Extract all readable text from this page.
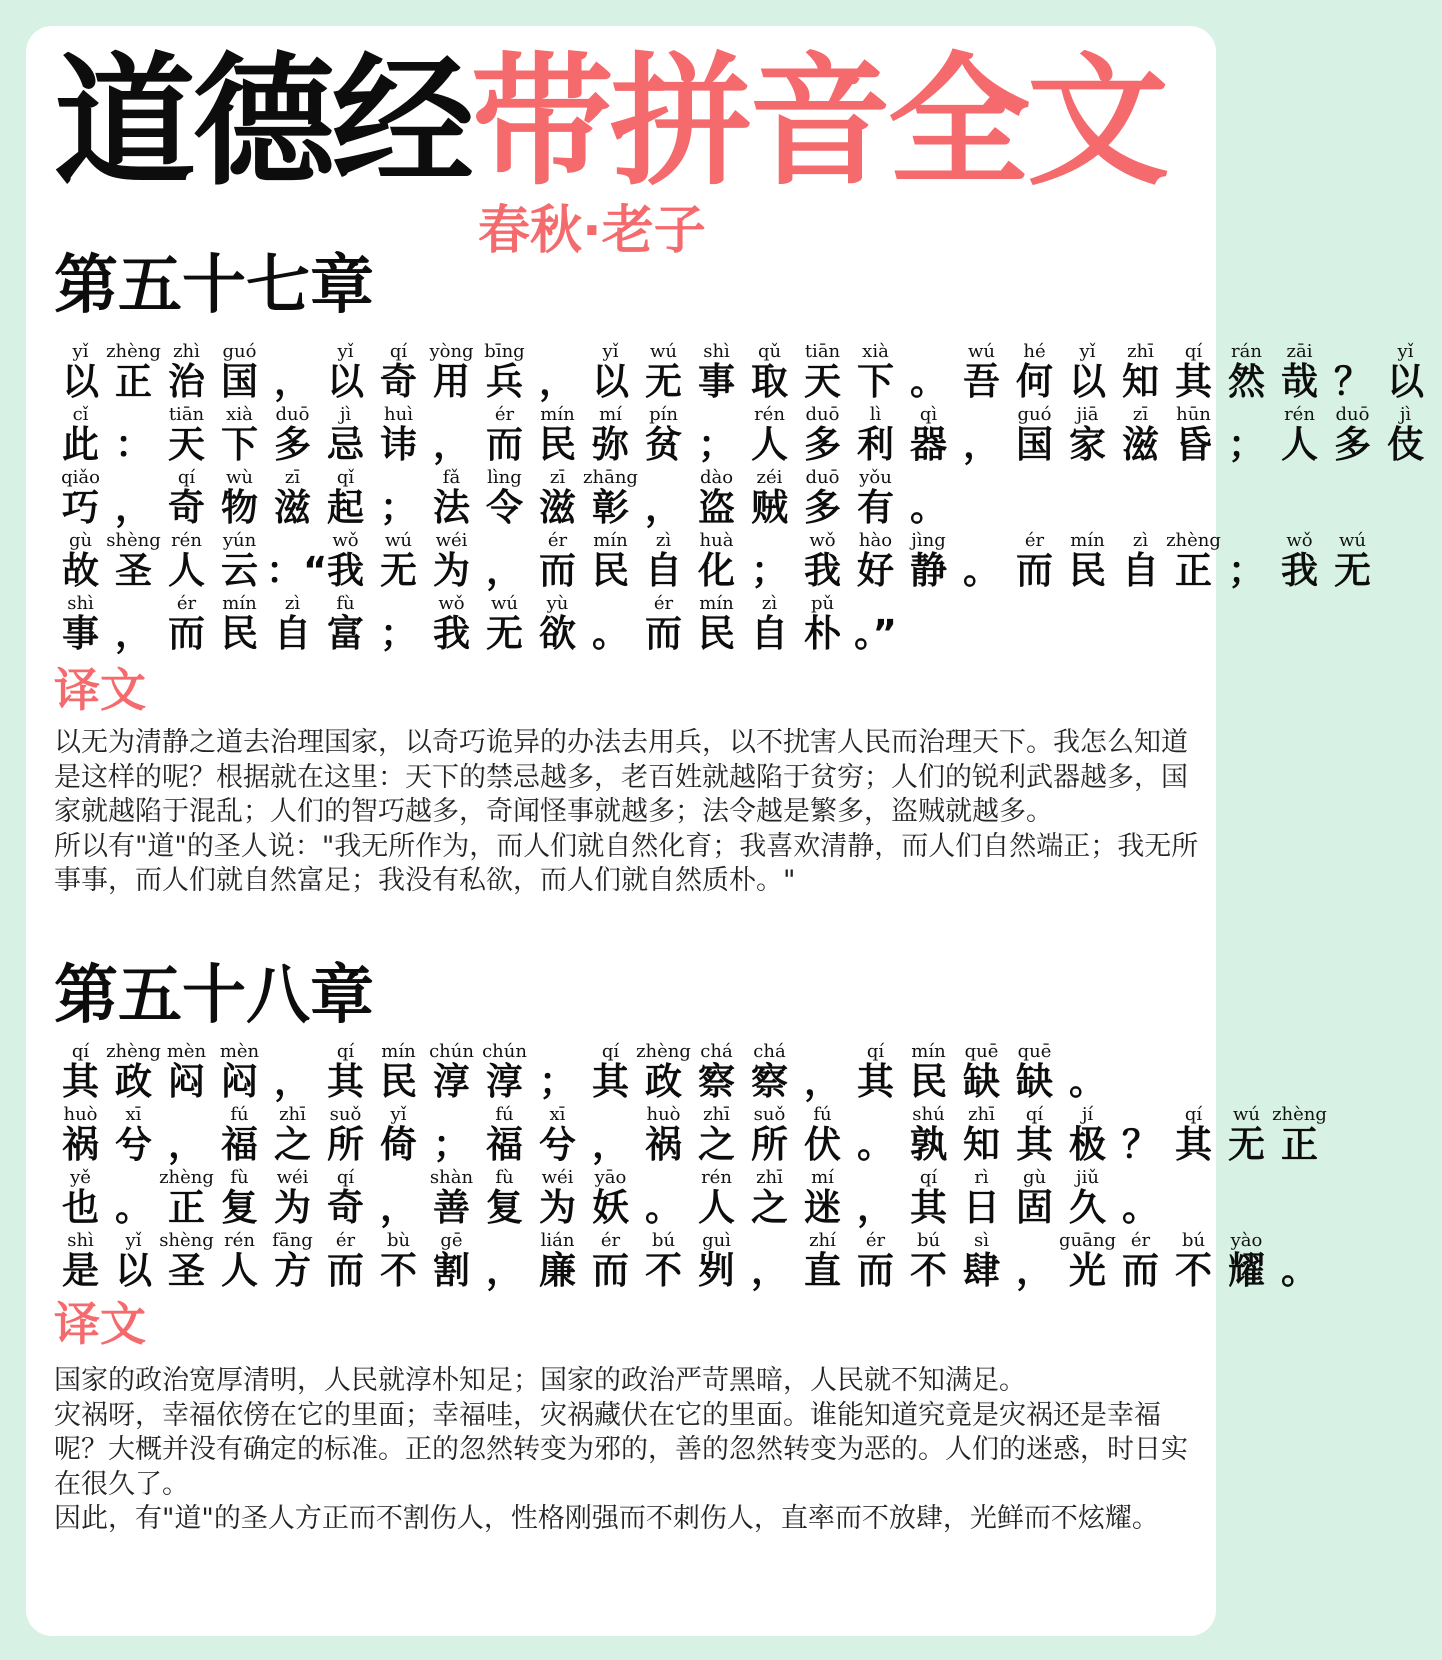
道德经带拼音全文
春秋·老子
第五十七章
yǐ
以
zhèng
正
zhì
治
guó
国 ，
yǐ
以
qí
奇
yòng
用
bīng
兵 ，
yǐ
以
wú
无
shì
事
qǔ
取
tiān
天
xià
下 。
wú
吾
hé
何
yǐ
以
zhī
知
qí
其
rán
然
zāi
哉 ？
yǐ
以
cǐ
此 ：
tiān
天
xià
下
duō
多
jì
忌
huì
讳 ，
ér
而
mín
民
mí
弥
pín
贫 ；
rén
人
duō
多
lì
利
qì
器 ，
guó
国
jiā
家
zī
滋
hūn
昏 ；
rén
人
duō
多
jì
伎
qiǎo
巧 ，
qí
奇
wù
物
zī
滋
qǐ
起 ；
fǎ
法
lìng
令
zī
滋
zhāng
彰 ，
dào
盗
zéi
贼
duō
多
yǒu
有 。
gù
故
shèng
圣
rén
人
yún
云 ：“
wǒ
我
wú
无
wéi
为 ，
ér
而
mín
民
zì
自
huà
化 ；
wǒ
我
hào
好
jìng
静 。
ér
而
mín
民
zì
自
zhèng
正 ；
wǒ
我
wú
无
shì
事 ，
ér
而
mín
民
zì
自
fù
富 ；
wǒ
我
wú
无
yù
欲 。
ér
而
mín
民
zì
自
pǔ
朴 。”
译文

以无为清静之道去治理国家，以奇巧诡异的办法去用兵，以不扰害人民而治理天下。我怎么知道是这样的呢？根据就在这里：天下的禁忌越多，老百姓就越陷于贫穷；人们的锐利武器越多，国家就越陷于混乱；人们的智巧越多，奇闻怪事就越多；法令越是繁多，盗贼就越多。

所以有"道"的圣人说："我无所作为，而人们就自然化育；我喜欢清静，而人们自然端正；我无所事事，而人们就自然富足；我没有私欲，而人们就自然质朴。"

第五十八章
qí
其
zhèng
政
mèn
闷
mèn
闷 ，
qí
其
mín
民
chún
淳
chún
淳 ；
qí
其
zhèng
政
chá
察
chá
察 ，
qí
其
mín
民
quē
缺
quē
缺 。
huò
祸
xī
兮 ，
fú
福
zhī
之
suǒ
所
yǐ
倚 ；
fú
福
xī
兮 ，
huò
祸
zhī
之
suǒ
所
fú
伏 。
shú
孰
zhī
知
qí
其
jí
极 ？
qí
其
wú
无
zhèng
正
yě
也 。
zhèng
正
fù
复
wéi
为
qí
奇 ，
shàn
善
fù
复
wéi
为
yāo
妖 。
rén
人
zhī
之
mí
迷 ，
qí
其
rì
日
gù
固
jiǔ
久 。
shì
是
yǐ
以
shèng
圣
rén
人
fāng
方
ér
而
bù
不
gē
割 ，
lián
廉
ér
而
bú
不
guì
刿 ，
zhí
直
ér
而
bú
不
sì
肆 ，
guāng
光
ér
而
bú
不
yào
耀 。
译文

国家的政治宽厚清明，人民就淳朴知足；国家的政治严苛黑暗，人民就不知满足。

灾祸呀，幸福依傍在它的里面；幸福哇，灾祸藏伏在它的里面。谁能知道究竟是灾祸还是幸福呢？大概并没有确定的标准。正的忽然转变为邪的，善的忽然转变为恶的。人们的迷惑，时日实在很久了。

因此，有"道"的圣人方正而不割伤人，性格刚强而不刺伤人，直率而不放肆，光鲜而不炫耀。
